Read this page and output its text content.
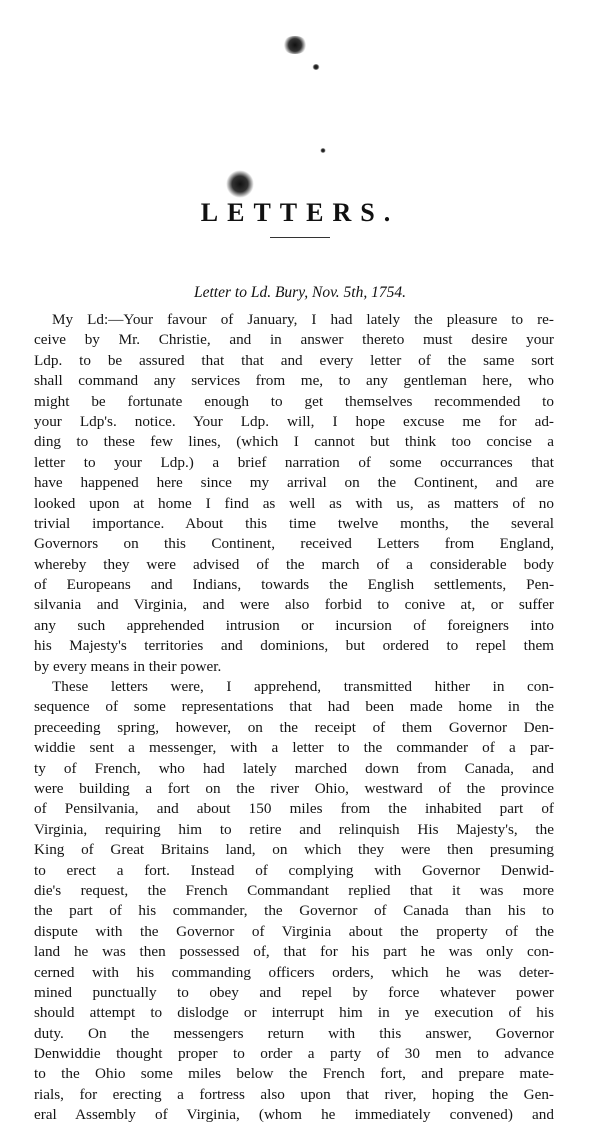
LETTERS.
Letter to Ld. Bury, Nov. 5th, 1754.
My Ld:—Your favour of January, I had lately the pleasure to re-
ceive by Mr. Christie, and in answer thereto must desire your
Ldp. to be assured that that and every letter of the same sort
shall command any services from me, to any gentleman here, who
might be fortunate enough to get themselves recommended to
your Ldp's. notice. Your Ldp. will, I hope excuse me for ad-
ding to these few lines, (which I cannot but think too concise a
letter to your Ldp.) a brief narration of some occurrances that
have happened here since my arrival on the Continent, and are
looked upon at home I find as well as with us, as matters of no
trivial importance. About this time twelve months, the several
Governors on this Continent, received Letters from England,
whereby they were advised of the march of a considerable body
of Europeans and Indians, towards the English settlements, Pen-
silvania and Virginia, and were also forbid to conive at, or suffer
any such apprehended intrusion or incursion of foreigners into
his Majesty's territories and dominions, but ordered to repel them
by every means in their power.
These letters were, I apprehend, transmitted hither in con-
sequence of some representations that had been made home in the
preceeding spring, however, on the receipt of them Governor Den-
widdie sent a messenger, with a letter to the commander of a par-
ty of French, who had lately marched down from Canada, and
were building a fort on the river Ohio, westward of the province
of Pensilvania, and about 150 miles from the inhabited part of
Virginia, requiring him to retire and relinquish His Majesty's, the
King of Great Britains land, on which they were then presuming
to erect a fort. Instead of complying with Governor Denwid-
die's request, the French Commandant replied that it was more
the part of his commander, the Governor of Canada than his to
dispute with the Governor of Virginia about the property of the
land he was then possessed of, that for his part he was only con-
cerned with his commanding officers orders, which he was deter-
mined punctually to obey and repel by force whatever power
should attempt to dislodge or interrupt him in ye execution of his
duty. On the messengers return with this answer, Governor
Denwiddie thought proper to order a party of 30 men to advance
to the Ohio some miles below the French fort, and prepare mate-
rials, for erecting a fortress also upon that river, hoping the Gen-
eral Assembly of Virginia, (whom he immediately convened) and
